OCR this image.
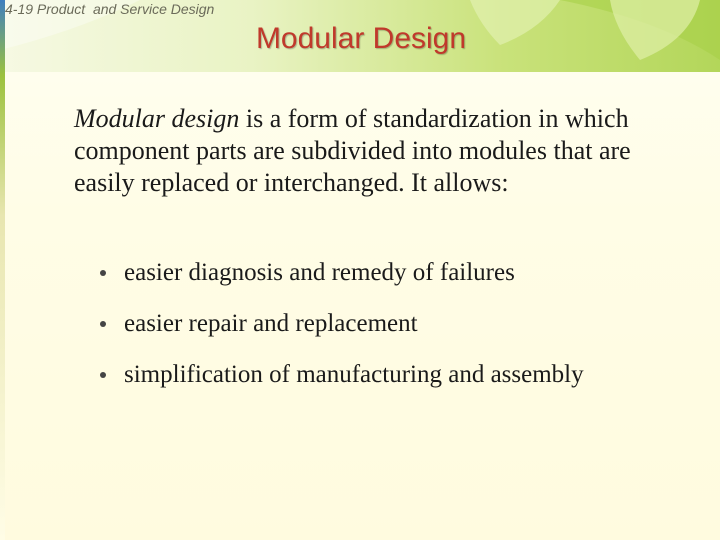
4-19 Product  and Service Design
Modular Design
Modular design is a form of standardization in which component parts are subdivided into modules that are easily replaced or interchanged. It allows:
easier diagnosis and remedy of failures
easier repair and replacement
simplification of manufacturing and assembly
